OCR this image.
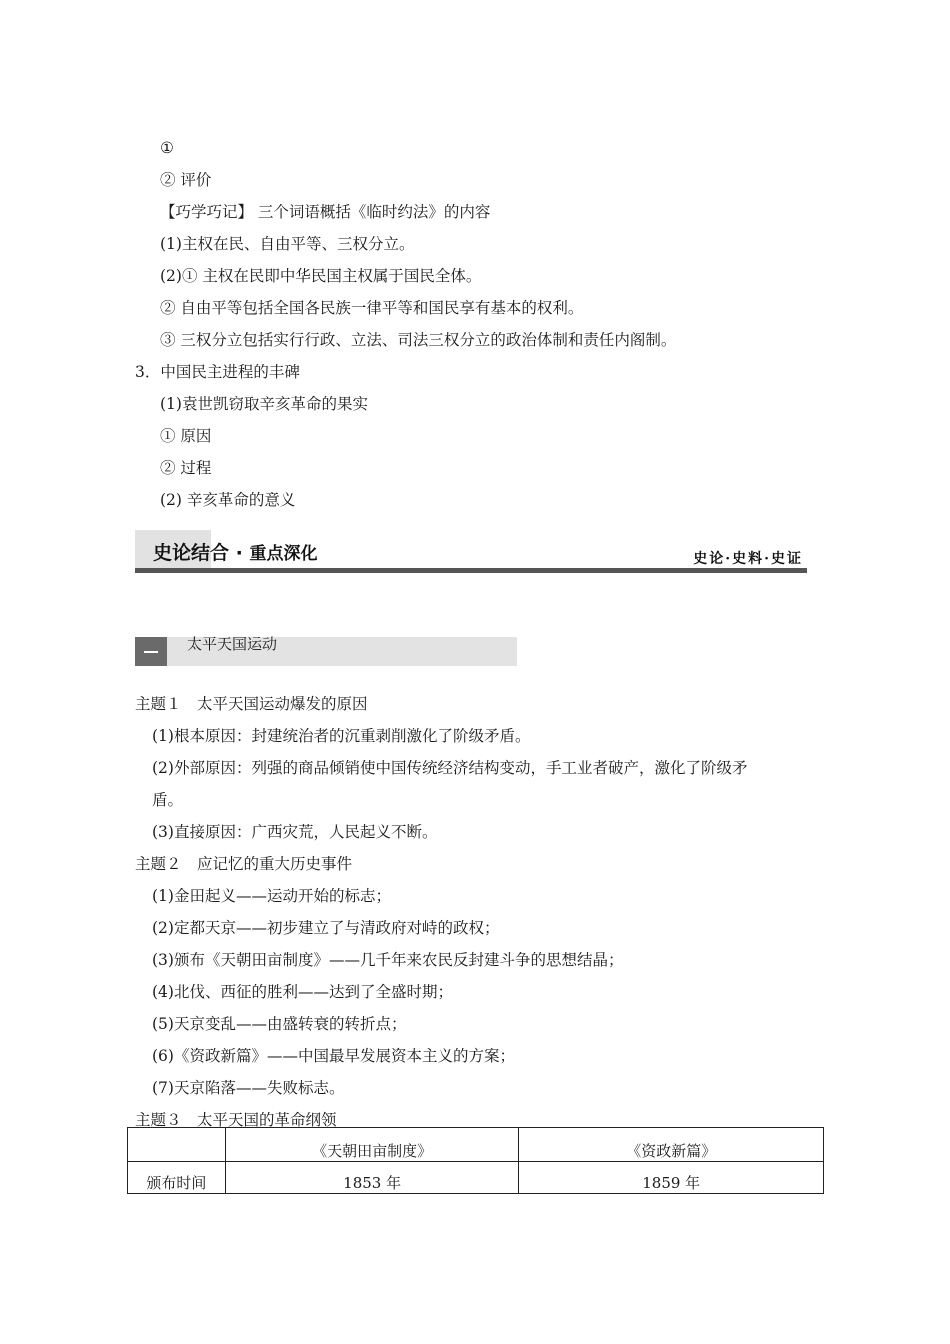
①
② 评价
【巧学巧记】 三个词语概括《临时约法》的内容
(1)主权在民、自由平等、三权分立。
(2)① 主权在民即中华民国主权属于国民全体。
② 自由平等包括全国各民族一律平等和国民享有基本的权利。
③ 三权分立包括实行行政、立法、司法三权分立的政治体制和责任内阁制。
3．中国民主进程的丰碑
(1)袁世凯窃取辛亥革命的果实
① 原因
② 过程
(2) 辛亥革命的意义
史论结合 · 重点深化	史论·史料·史证
太平天国运动
主题１　太平天国运动爆发的原因
(1)根本原因：封建统治者的沉重剥削激化了阶级矛盾。
(2)外部原因：列强的商品倾销使中国传统经济结构变动，手工业者破产，激化了阶级矛
盾。
(3)直接原因：广西灾荒，人民起义不断。
主题２　应记忆的重大历史事件
(1)金田起义——运动开始的标志；
(2)定都天京——初步建立了与清政府对峙的政权；
(3)颁布《天朝田亩制度》——几千年来农民反封建斗争的思想结晶；
(4)北伐、西征的胜利——达到了全盛时期；
(5)天京变乱——由盛转衰的转折点；
(6)《资政新篇》——中国最早发展资本主义的方案；
(7)天京陷落——失败标志。
主题３　太平天国的革命纲领
	《天朝田亩制度》	《资政新篇》
颁布时间	1853 年	1859 年
